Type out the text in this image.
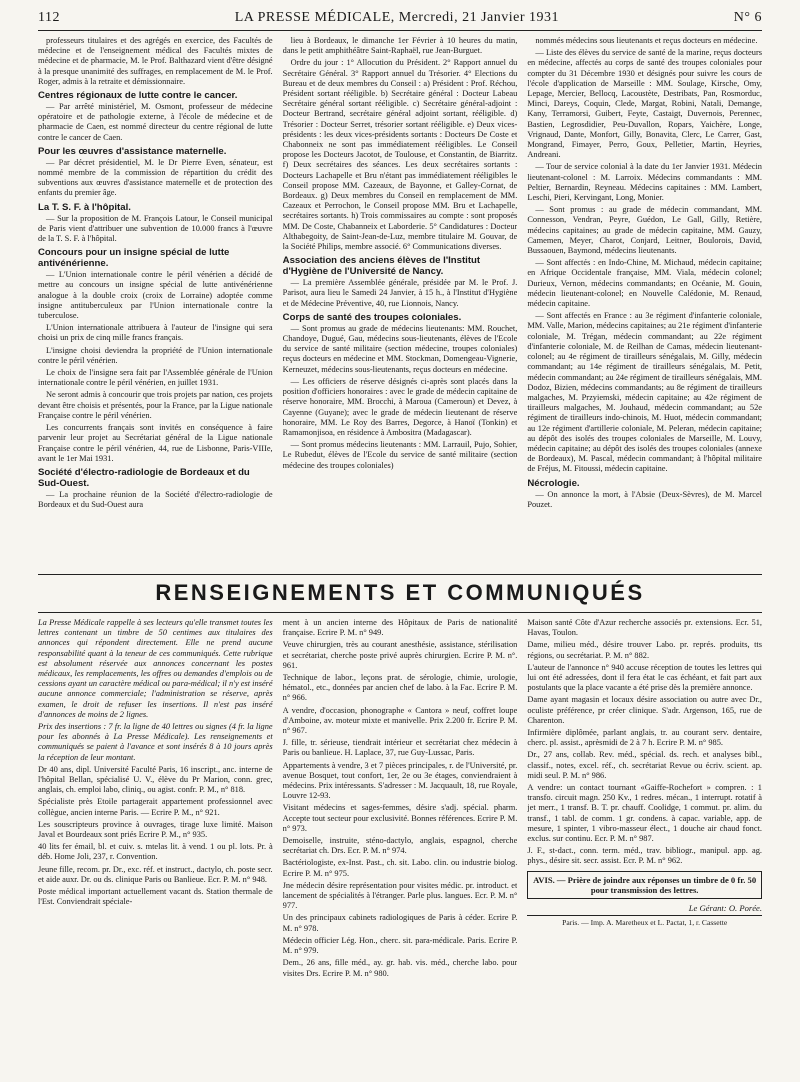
112	LA PRESSE MÉDICALE, Mercredi, 21 Janvier 1931	N° 6

professeurs titulaires et des agrégés en exercice, des Facultés de médecine et de l'enseignement médical des Facultés mixtes de médecine et de pharmacie, M. le Prof. Balthazard vient d'être désigné à la presque unanimité des suffrages, en remplacement de M. le Prof. Roger, admis à la retraite et démissionnaire.

Centres régionaux de lutte contre le cancer.

— Par arrêté ministériel, M. Osmont, professeur de médecine opératoire et de pathologie externe, à l'école de médecine et de pharmacie de Caen, est nommé directeur du centre régional de lutte contre le cancer de Caen.

Pour les œuvres d'assistance maternelle.

— Par décret présidentiel, M. le Dr Pierre Even, sénateur, est nommé membre de la commission de répartition du crédit des subventions aux œuvres d'assistance maternelle et de protection des enfants du premier âge.

La T. S. F. à l'hôpital.

— Sur la proposition de M. François Latour, le Conseil municipal de Paris vient d'attribuer une subvention de 10.000 francs à l'œuvre de la T. S. F. à l'hôpital.

Concours pour un insigne spécial de lutte antivénérienne.

— L'Union internationale contre le péril vénérien a décidé de mettre au concours un insigne spécial de lutte antivénérienne analogue à la double croix (croix de Lorraine) adoptée comme insigne antituberculeux par l'Union internationale contre la tuberculose.

L'Union internationale attribuera à l'auteur de l'insigne qui sera choisi un prix de cinq mille francs français.

L'insigne choisi deviendra la propriété de l'Union internationale contre le péril vénérien.

Le choix de l'insigne sera fait par l'Assemblée générale de l'Union internationale contre le péril vénérien, en juillet 1931.

Ne seront admis à concourir que trois projets par nation, ces projets devant être choisis et présentés, pour la France, par la Ligue nationale Française contre le péril vénérien.

Les concurrents français sont invités en conséquence à faire parvenir leur projet au Secrétariat général de la Ligue nationale Française contre le péril vénérien, 44, rue de Lisbonne, Paris-VIIIe, avant le 1er Mai 1931.

Société d'électro-radiologie de Bordeaux et du Sud-Ouest.

— La prochaine réunion de la Société d'électro-radiologie de Bordeaux et du Sud-Ouest aura

lieu à Bordeaux, le dimanche 1er Février à 10 heures du matin, dans le petit amphithéâtre Saint-Raphaël, rue Jean-Burguet.

Ordre du jour : 1° Allocution du Président. 2° Rapport annuel du Secrétaire Général. 3° Rapport annuel du Trésorier. 4° Elections du Bureau et de deux membres du Conseil : a) Président : Prof. Réchou, Président sortant rééligible. b) Secrétaire général : Docteur Labeau Secrétaire général sortant rééligible. c) Secrétaire général-adjoint : Docteur Bertrand, secrétaire général adjoint sortant, rééligible. d) Trésorier : Docteur Serret, trésorier sortant rééligible. e) Deux vices-présidents : les deux vices-présidents sortants : Docteurs De Coste et Chabonneix ne sont pas immédiatement rééligibles. Le Conseil propose les Docteurs Jacotot, de Toulouse, et Constantin, de Biarritz. f) Deux secrétaires des séances. Les deux secrétaires sortants : Docteurs Lachapelle et Bru n'étant pas immédiatement rééligibles le Conseil propose MM. Cazeaux, de Bayonne, et Galley-Cornat, de Bordeaux. g) Deux membres du Conseil en remplacement de MM. Cazeaux et Perrochon, le Conseil propose MM. Bru et Lachapelle, secrétaires sortants. h) Trois commissaires au compte : sont proposés MM. De Coste, Chabanneix et Laborderie. 5° Candidatures : Docteur Althabegoity, de Saint-Jean-de-Luz, membre titulaire M. Gouvar, de la Société Philips, membre associé. 6° Communications diverses.

Association des anciens élèves de l'Institut d'Hygiène de l'Université de Nancy.

— La première Assemblée générale, présidée par M. le Prof. J. Parisot, aura lieu le Samedi 24 Janvier, à 15 h., à l'Institut d'Hygiène et de Médecine Préventive, 40, rue Lionnois, Nancy.

Corps de santé des troupes coloniales.

— Sont promus au grade de médecins lieutenants: MM. Rouchet, Chandoye, Dugué, Gau, médecins sous-lieutenants, élèves de l'Ecole du service de santé militaire (section médecine, troupes coloniales) reçus docteurs en médecine et MM. Stockman, Domengeau-Vignerie, Kerneuzet, médecins sous-lieutenants, reçus docteurs en médecine.

— Les officiers de réserve désignés ci-après sont placés dans la position d'officiers honoraires : avec le grade de médecin capitaine de réserve honoraire, MM. Brocchi, à Maroua (Cameroun) et Devez, à Cayenne (Guyane); avec le grade de médecin lieutenant de réserve honoraire, MM. Le Roy des Barres, Degorce, à Hanoï (Tonkin) et Ramamonjisoa, en résidence à Ambositra (Madagascar).

— Sont promus médecins lieutenants : MM. Larrauil, Pujo, Sohier, Le Rubedut, élèves de l'Ecole du service de santé militaire (section médecine des troupes coloniales)

nommés médecins sous lieutenants et reçus docteurs en médecine.

— Liste des élèves du service de santé de la marine, reçus docteurs en médecine, affectés au corps de santé des troupes coloniales pour compter du 31 Décembre 1930 et désignés pour suivre les cours de l'école d'application de Marseille : MM. Soulage, Kirsche, Omy, Lepage, Mercier, Bellocq, Lacoustète, Destribats, Pan, Rosmorduc, Minci, Dareys, Coquin, Clede, Margat, Robini, Natali, Demange, Kany, Terramorsi, Guibert, Feyte, Castaigt, Duvernois, Perennec, Bastien, Legrosdidier, Peu-Duvallon, Ropars, Yaichère, Longe, Vrignaud, Dante, Monfort, Gilly, Bonavita, Clerc, Le Carrer, Gast, Mongrand, Fimayer, Perro, Goux, Pelletier, Martin, Heyries, Andreani.

— Tour de service colonial à la date du 1er Janvier 1931. Médecin lieutenant-colonel : M. Larroix. Médecins commandants : MM. Peltier, Bernardin, Reyneau. Médecins capitaines : MM. Lambert, Leschi, Pieri, Kervingant, Long, Monier.

— Sont promus : au grade de médecin commandant, MM. Connesson, Vendran, Peyre, Guédon, Le Gall, Gilly, Retière, médecins capitaines; au grade de médecin capitaine, MM. Gauzy, Camemen, Meyer, Charot, Conjard, Leitner, Boulorois, David, Bussaouen, Baymond, médecins lieutenants.

— Sont affectés : en Indo-Chine, M. Michaud, médecin capitaine; en Afrique Occidentale française, MM. Viala, médecin colonel; Durieux, Vernon, médecins commandants; en Océanie, M. Gouin, médecin lieutenant-colonel; en Nouvelle Calédonie, M. Renaud, médecin capitaine.

— Sont affectés en France : au 3e régiment d'infanterie coloniale, MM. Valle, Marion, médecins capitaines; au 21e régiment d'infanterie coloniale, M. Trégan, médecin commandant; au 22e régiment d'infanterie coloniale, M. de Reilhan de Camas, médecin lieutenant-colonel; au 4e régiment de tirailleurs sénégalais, M. Gilly, médecin commandant; au 14e régiment de tirailleurs sénégalais, M. Petit, médecin commandant; au 24e régiment de tirailleurs sénégalais, MM. Dodoz, Bizien, médecins commandants; au 8e régiment de tirailleurs malgaches, M. Przyiemski, médecin capitaine; au 42e régiment de tirailleurs malgaches, M. Jouhaud, médecin commandant; au 52e régiment de tirailleurs indo-chinois, M. Huot, médecin commandant; au 12e régiment d'artillerie coloniale, M. Peleran, médecin capitaine; au dépôt des isolés des troupes coloniales de Marseille, M. Louvy, médecin capitaine; au dépôt des isolés des troupes coloniales (annexe de Bordeaux), M. Pascal, médecin commandant; à l'hôpital militaire de Fréjus, M. Fitoussi, médecin capitaine.

Nécrologie.

— On annonce la mort, à l'Absie (Deux-Sèvres), de M. Marcel Pouzet.

RENSEIGNEMENTS ET COMMUNIQUÉS

La Presse Médicale rappelle à ses lecteurs qu'elle transmet toutes les lettres contenant un timbre de 50 centimes aux titulaires des annonces qui répondent directement. Elle ne prend aucune responsabilité quant à la teneur de ces communiqués. Cette rubrique est absolument réservée aux annonces concernant les postes médicaux, les remplacements, les offres ou demandes d'emplois ou de cessions ayant un caractère médical ou para-médical; il n'y est inséré aucune annonce commerciale; l'administration se réserve, après examen, le droit de refuser les insertions. Il n'est pas inséré d'annonces de moins de 2 lignes.

Prix des insertions : 7 fr. la ligne de 40 lettres ou signes (4 fr. la ligne pour les abonnés à La Presse Médicale). Les renseignements et communiqués se paient à l'avance et sont insérés 8 à 10 jours après la réception de leur montant.

Dr 40 ans, dipl. Université Faculté Paris, 16 inscript., anc. interne de l'hôpital Bellan, spécialisé U. V., élève du Pr Marion, conn. grec, anglais, ch. emploi labo, cliniq., ou agist. confr. P. M., n° 818.

Spécialiste près Etoile partagerait appartement professionnel avec collègue, ancien interne Paris. — Ecrire P. M., n° 921.

Les souscripteurs province à ouvrages, tirage luxe limité. Maison Javal et Bourdeaux sont priés Ecrire P. M., n° 935.

40 lits fer émail, bl. et cuiv. s. mtelas lit. à vend. 1 ou pl. lots. Pr. à déb. Home Joli, 237, r. Convention.

Jeune fille, recom. pr. Dr., exc. réf. et instruct., dactylo, ch. poste secr. et aide auxr. Dr. ou ds. clinique Paris ou Banlieue. Ecr. P. M. n° 948.

Poste médical important actuellement vacant ds. Station thermale de l'Est. Conviendrait spéciale-

ment à un ancien interne des Hôpitaux de Paris de nationalité française. Ecrire P. M. n° 949.

Veuve chirurgien, très au courant anesthésie, assistance, stérilisation et secrétariat, cherche poste privé auprès chirurgien. Ecrire P. M. n°. 961.

Technique de labor., leçons prat. de sérologie, chimie, urologie, hématol., etc., données par ancien chef de labo. à la Fac. Ecrire P. M. n° 966.

A vendre, d'occasion, phonographe « Cantora » neuf, coffret loupe d'Amboine, av. moteur mixte et manivelle. Prix 2.200 fr. Ecrire P. M. n° 967.

J. fille, tr. sérieuse, tiendrait intérieur et secrétariat chez médecin à Paris ou banlieue. H. Laplace, 37, rue Guy-Lussac, Paris.

Appartements à vendre, 3 et 7 pièces principales, r. de l'Université, pr. avenue Bosquet, tout confort, 1er, 2e ou 3e étages, conviendraient à médecins. Prix intéressants. S'adresser : M. Jacquault, 18, rue Royale, Louvre 12-93.

Visitant médecins et sages-femmes, désire s'adj. spécial. pharm. Accepte tout secteur pour exclusivité. Bonnes références. Ecrire P. M. n° 973.

Demoiselle, instruite, sténo-dactylo, anglais, espagnol, cherche secrétariat ch. Drs. Ecr. P. M. n° 974.

Bactériologiste, ex-Inst. Past., ch. sit. Labo. clin. ou industrie biolog. Ecrire P. M. n° 975.

Jne médecin désire représentation pour visites médic. pr. introduct. et lancement de spécialités à l'étranger. Parle plus. langues. Ecr. P. M. n° 977.

Un des principaux cabinets radiologiques de Paris à céder. Ecrire P. M. n° 978.

Médecin officier Lég. Hon., cherc. sit. para-médicale. Paris. Ecrire P. M. n° 979.

Dem., 26 ans, fille méd., ay. gr. hab. vis. méd., cherche labo. pour visites Drs. Ecrire P. M. n° 980.

Maison santé Côte d'Azur recherche associés pr. extensions. Ecr. 51, Havas, Toulon.

Dame, milieu méd., désire trouver Labo. pr. représ. produits, tts régions, ou secrétariat. P. M. n° 882.

L'auteur de l'annonce n° 940 accuse réception de toutes les lettres qui lui ont été adressées, dont il fera état le cas échéant, et fait part aux postulants que la place vacante a été prise dès la première annonce.

Dame ayant magasin et locaux désire association ou autre avec Dr., oculiste préférence, pr créer clinique. S'adr. Argenson, 165, rue de Charenton.

Infirmière diplômée, parlant anglais, tr. au courant serv. dentaire, cherc. pl. assist., aprèsmidi de 2 à 7 h. Ecrire P. M. n° 985.

Dr., 27 ans, collab. Rev. méd., spécial. ds. rech. et analyses bibl., classif., notes, excel. réf., ch. secrétariat Revue ou écriv. scient. ap. midi seul. P. M. n° 986.

A vendre: un contact tournant «Gaiffe-Rochefort » compren. : 1 transfo. circuit magn. 250 Kv., 1 redres. mécan., 1 interrupt. rotatif à jet merr., 1 transf. B. T. pr. chauff. Coolidge, 1 commut. pr. alim. du transf., 1 tabl. de comm. 1 gr. condens. à capac. variable, app. de mesure, 1 spinter, 1 vibro-masseur élect., 1 douche air chaud fonct. exclus. sur continu. Ecr. P. M. n° 987.

J. F., st-dact., conn. term. méd., trav. bibliogr., manipul. app. ag. phys., désire sit. secr. assist. Ecr. P. M. n° 962.

AVIS. — Prière de joindre aux réponses un timbre de 0 fr. 50 pour transmission des lettres.
Le Gérant: O. Porée.
Paris. — Imp. A. Maretheux et L. Pactat, 1, r. Cassette
